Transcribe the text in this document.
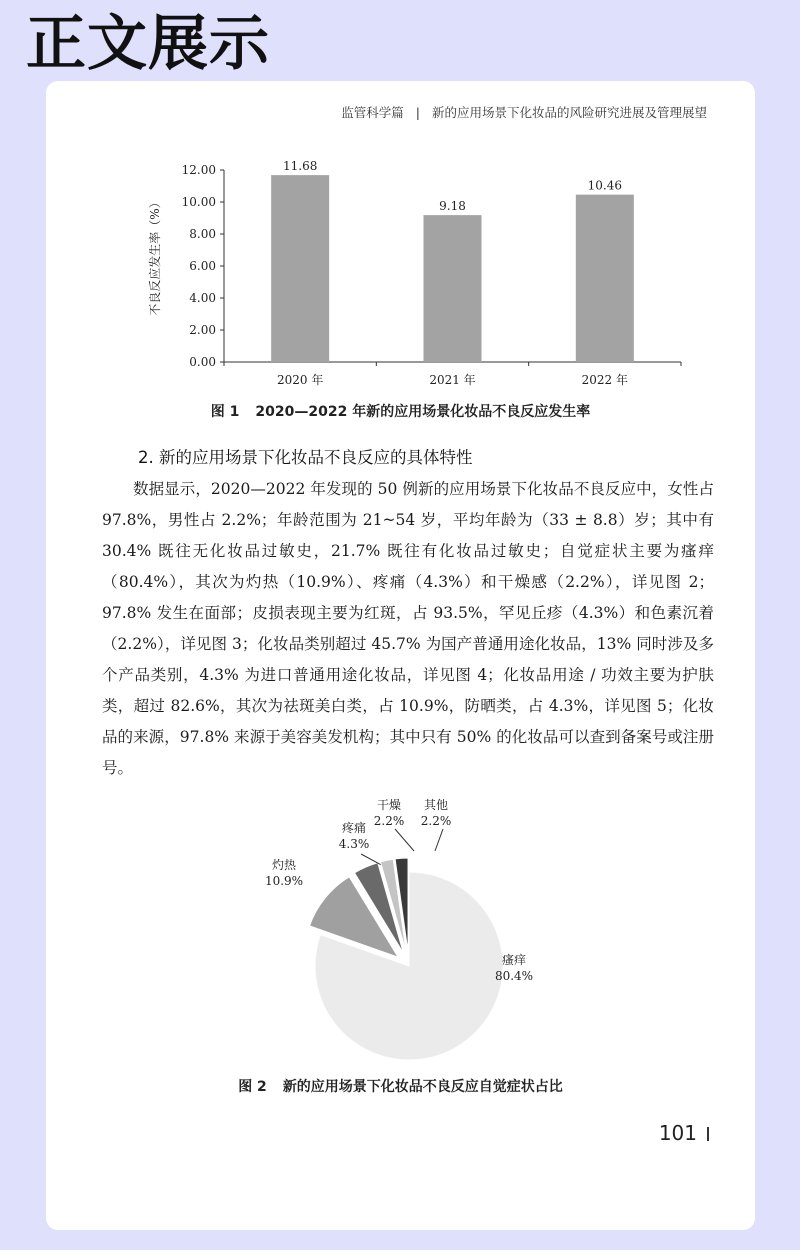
正文展示
监管科学篇 | 新的应用场景下化妆品的风险研究进展及管理展望
不良反应发生率（%）
0.00
2.00
4.00
6.00
8.00
10.00
12.00	11.68
2020 年
9.18
2021 年
10.46
2022 年
图 1 2020—2022 年新的应用场景化妆品不良反应发生率
2. 新的应用场景下化妆品不良反应的具体特性
数据显示，2020—2022 年发现的 50 例新的应用场景下化妆品不良反应中，女性占 97.8%，男性占 2.2%；年龄范围为 21~54 岁，平均年龄为（33 ± 8.8）岁；其中有 30.4% 既往无化妆品过敏史，21.7% 既往有化妆品过敏史；自觉症状主要为瘙痒（80.4%），其次为灼热（10.9%）、疼痛（4.3%）和干燥感（2.2%），详见图 2；97.8% 发生在面部；皮损表现主要为红斑，占 93.5%，罕见丘疹（4.3%）和色素沉着（2.2%），详见图 3；化妆品类别超过 45.7% 为国产普通用途化妆品，13% 同时涉及多个产品类别，4.3% 为进口普通用途化妆品，详见图 4；化妆品用途 / 功效主要为护肤类，超过 82.6%，其次为祛斑美白类，占 10.9%，防晒类，占 4.3%，详见图 5；化妆品的来源，97.8% 来源于美容美发机构；其中只有 50% 的化妆品可以查到备案号或注册号。
瘙痒
80.4%
灼热
10.9%
疼痛
4.3%
干燥
2.2%
其他
2.2%
图 2 新的应用场景下化妆品不良反应自觉症状占比
101
